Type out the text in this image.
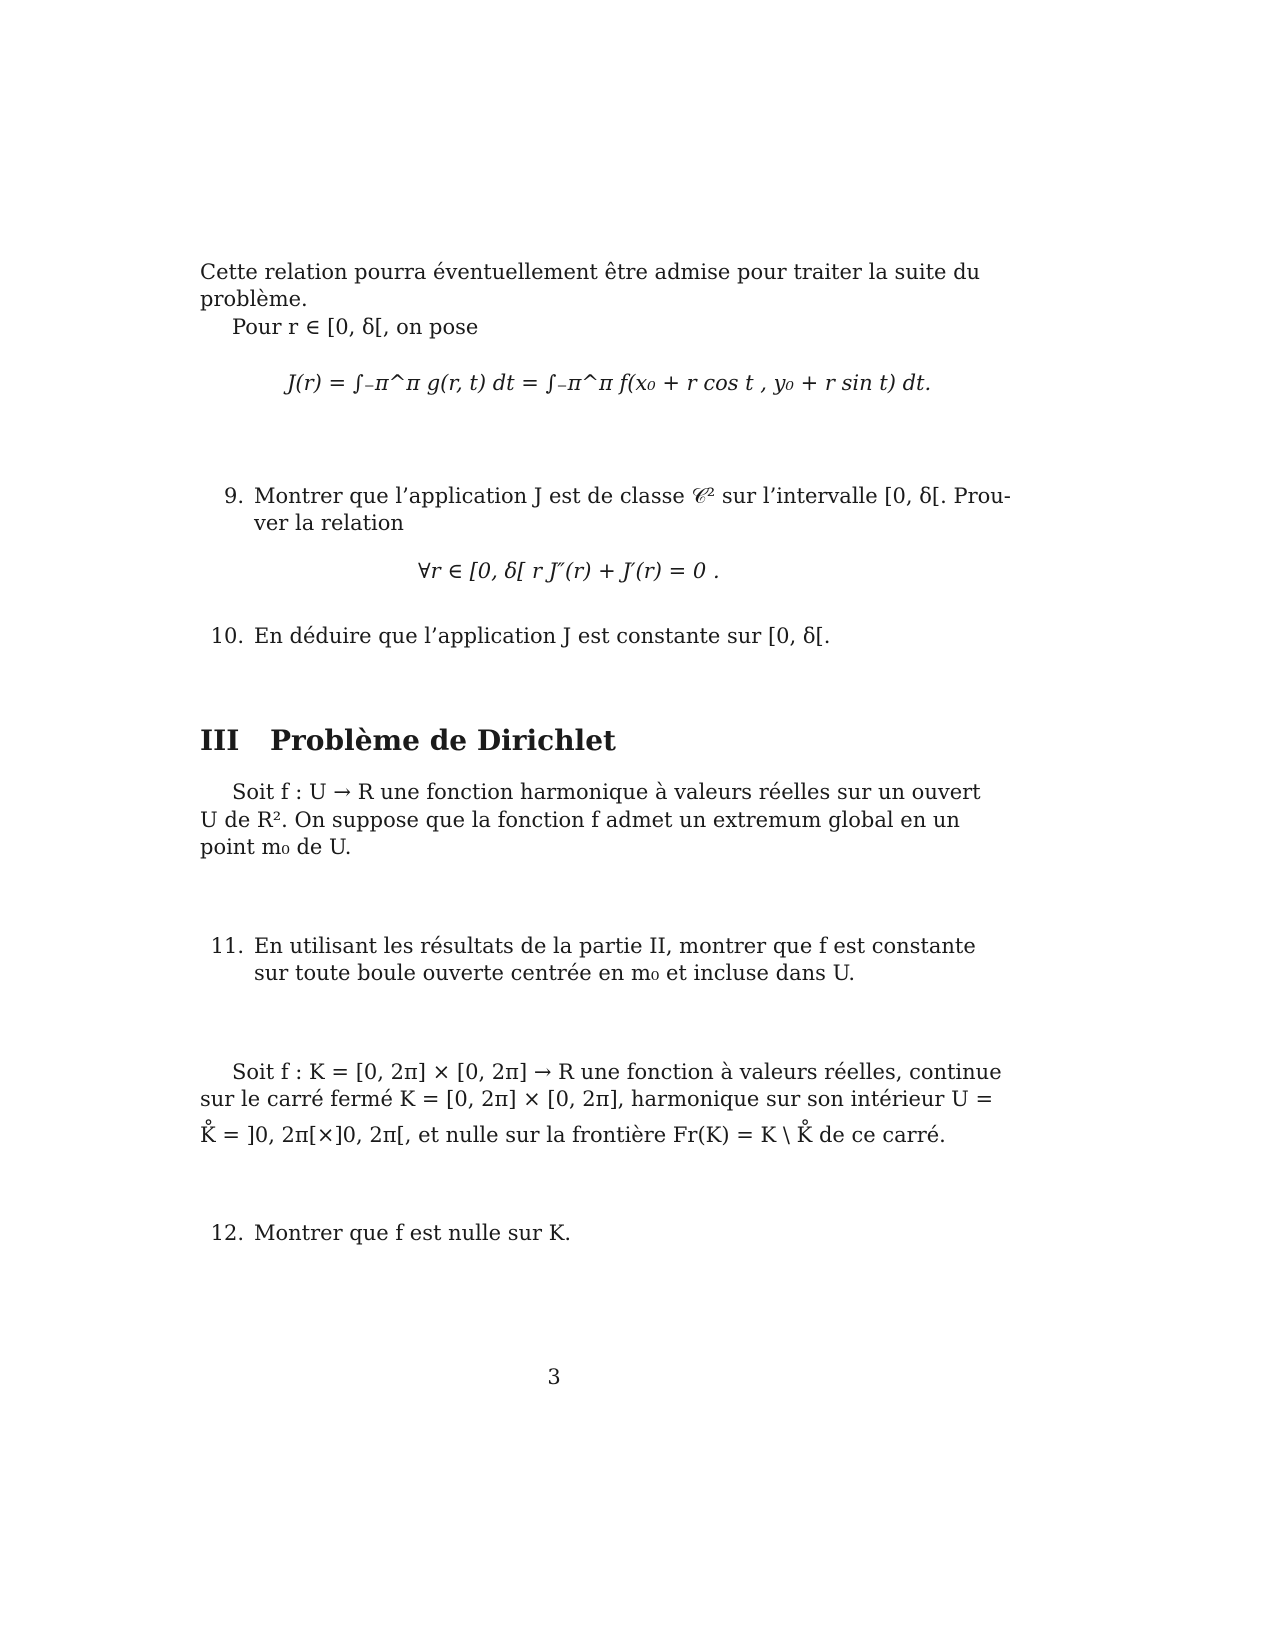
Cette relation pourra éventuellement être admise pour traiter la suite du
problème.
Pour r ∈ [0, δ[, on pose
J(r) = ∫₋π^π g(r, t) dt = ∫₋π^π f(x₀ + r cos t , y₀ + r sin t) dt.
9. Montrer que l’application J est de classe 𝒞² sur l’intervalle [0, δ[. Prou-
ver la relation
∀r ∈ [0, δ[ r J″(r) + J′(r) = 0 .
10. En déduire que l’application J est constante sur [0, δ[.
III Problème de Dirichlet
Soit f : U → R une fonction harmonique à valeurs réelles sur un ouvert
U de R². On suppose que la fonction f admet un extremum global en un
point m₀ de U.
11. En utilisant les résultats de la partie II, montrer que f est constante
sur toute boule ouverte centrée en m₀ et incluse dans U.
Soit f : K = [0, 2π] × [0, 2π] → R une fonction à valeurs réelles, continue
sur le carré fermé K = [0, 2π] × [0, 2π], harmonique sur son intérieur U =
K̊ = ]0, 2π[×]0, 2π[, et nulle sur la frontière Fr(K) = K \ K̊ de ce carré.
12. Montrer que f est nulle sur K.
3
